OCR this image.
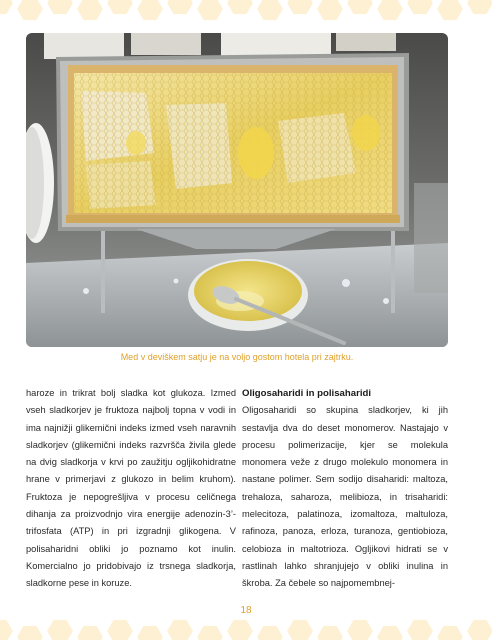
Med v deviškem satju je na voljo gostom hotela pri zajtrku.

haroze in trikrat bolj sladka kot glukoza. Izmed vseh sladkorjev je fruktoza najbolj topna v vodi in ima najnižji glikemični indeks izmed vseh naravnih sladkorjev (glikemični indeks razvršča živila glede na dvig sladkorja v krvi po zaužitju ogljikohidratne hrane v primerjavi z glukozo in belim kruhom). Fruktoza je nepogrešljiva v procesu celičnega dihanja za proizvodnjo vira energije adenozin-3’-trifosfata (ATP) in pri izgradnji glikogena. V polisaharidni obliki jo poznamo kot inulin. Komercialno jo pridobivajo iz trsnega sladkorja, sladkorne pese in koruze.

Oligosaharidi in polisaharidi

Oligosaharidi so skupina sladkorjev, ki jih sestavlja dva do deset monomerov. Nastajajo v procesu polimerizacije, kjer se molekula monomera veže z drugo molekulo monomera in nastane polimer. Sem sodijo disaharidi: maltoza, trehaloza, saharoza, melibioza, in trisaharidi: melecitoza, palatinoza, izomaltoza, maltuloza, rafinoza, panoza, erloza, turanoza, gentiobioza, celobioza in maltotrioza. Ogljikovi hidrati se v rastlinah lahko shranjujejo v obliki inulina in škroba. Za čebele so najpomembnej-

18
